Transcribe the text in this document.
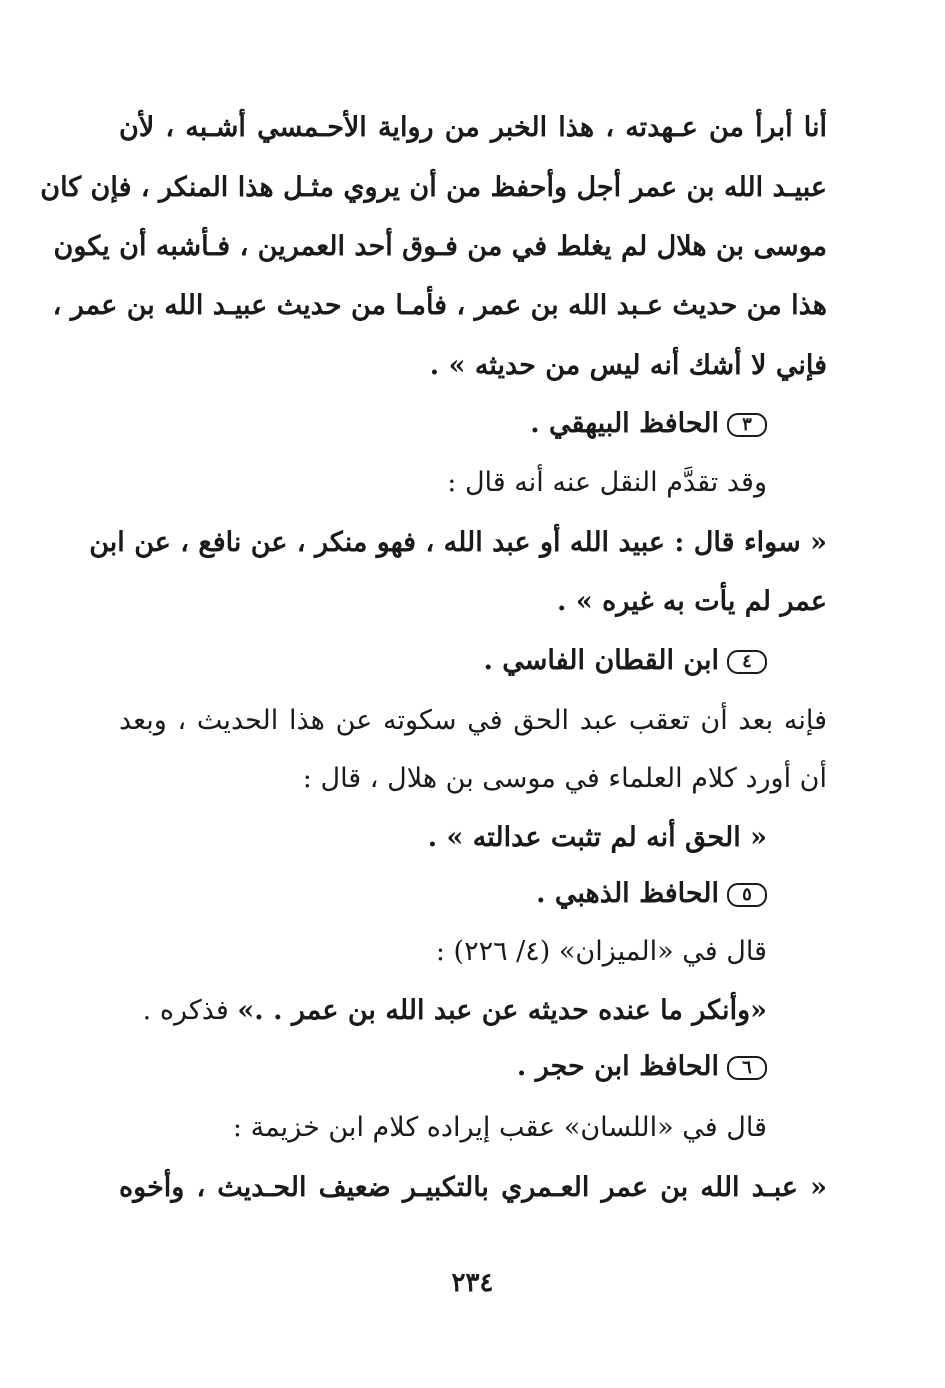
أنا أبرأ من عـهدته ، هذا الخبر من رواية الأحـمسي أشـبه ، لأن
عبيـد الله بن عمر أجل وأحفظ من أن يروي مثـل هذا المنكر ، فإن كان
موسى بن هلال لم يغلط في من فـوق أحد العمرين ، فـأشبه أن يكون
هذا من حديث عـبد الله بن عمر ، فأمـا من حديث عبيـد الله بن عمر ،
فإني لا أشك أنه ليس من حديثه » .
٣الحافظ البيهقي .
وقد تقدَّم النقل عنه أنه قال :
« سواء قال : عبيد الله أو عبد الله ، فهو منكر ، عن نافع ، عن ابن
عمر لم يأت به غيره » .
٤ابن القطان الفاسي .
فإنه بعد أن تعقب عبد الحق في سكوته عن هذا الحديث ، وبعد
أن أورد كلام العلماء في موسى بن هلال ، قال :
« الحق أنه لم تثبت عدالته » .
٥الحافظ الذهبي .
قال في «الميزان» (٤/ ٢٢٦) :
«وأنكر ما عنده حديثه عن عبد الله بن عمر . .» فذكره .
٦الحافظ ابن حجر .
قال في «اللسان» عقب إيراده كلام ابن خزيمة :
« عبـد الله بن عمر العـمري بالتكبيـر ضعيف الحـديث ، وأخوه
٢٣٤
